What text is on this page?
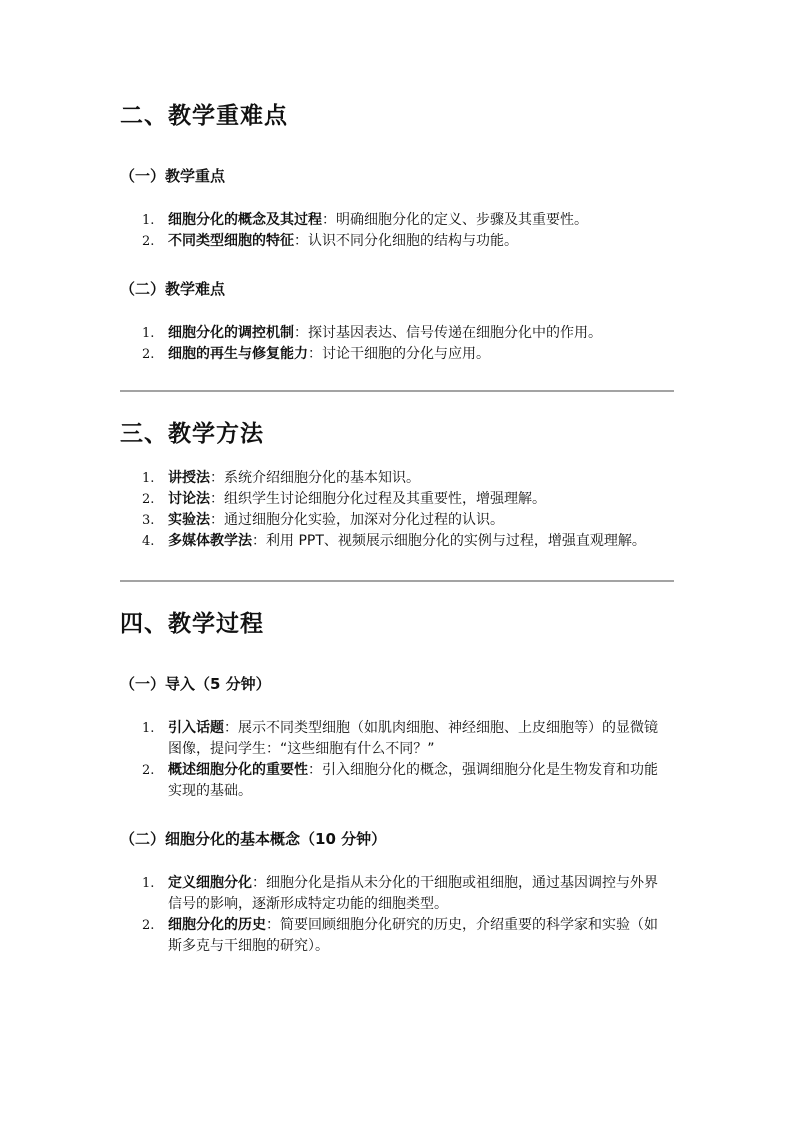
二、教学重难点
（一）教学重点
1. 细胞分化的概念及其过程：明确细胞分化的定义、步骤及其重要性。
2. 不同类型细胞的特征：认识不同分化细胞的结构与功能。
（二）教学难点
1. 细胞分化的调控机制：探讨基因表达、信号传递在细胞分化中的作用。
2. 细胞的再生与修复能力：讨论干细胞的分化与应用。
三、教学方法
1. 讲授法：系统介绍细胞分化的基本知识。
2. 讨论法：组织学生讨论细胞分化过程及其重要性，增强理解。
3. 实验法：通过细胞分化实验，加深对分化过程的认识。
4. 多媒体教学法：利用 PPT、视频展示细胞分化的实例与过程，增强直观理解。
四、教学过程
（一）导入（5 分钟）
1. 引入话题：展示不同类型细胞（如肌肉细胞、神经细胞、上皮细胞等）的显微镜图像，提问学生：“这些细胞有什么不同？”
2. 概述细胞分化的重要性：引入细胞分化的概念，强调细胞分化是生物发育和功能实现的基础。
（二）细胞分化的基本概念（10 分钟）
1. 定义细胞分化：细胞分化是指从未分化的干细胞或祖细胞，通过基因调控与外界信号的影响，逐渐形成特定功能的细胞类型。
2. 细胞分化的历史：简要回顾细胞分化研究的历史，介绍重要的科学家和实验（如斯多克与干细胞的研究）。
